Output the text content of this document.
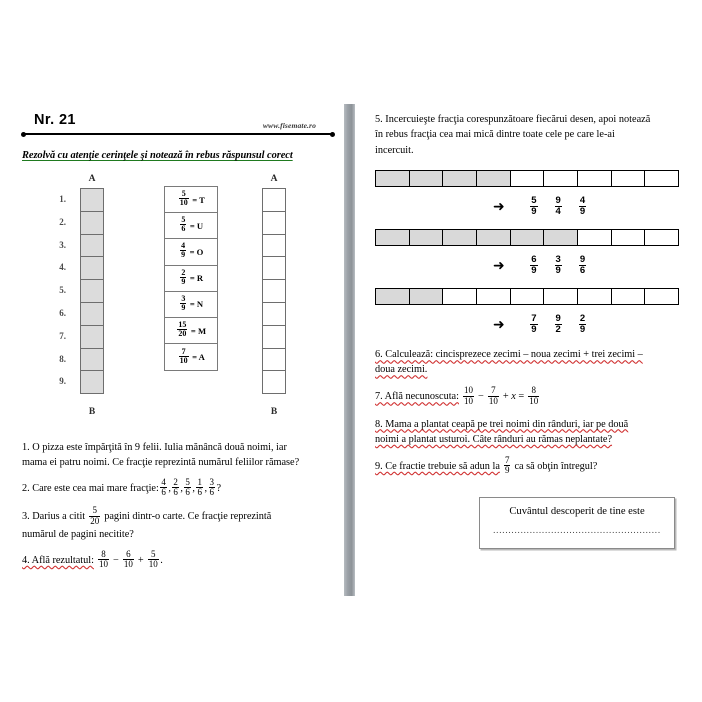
Nr. 21	www.fisemate.ro
Rezolvă cu atenţie cerinţele şi notează în rebus răspunsul corect
A
1.
2.
3.
4.
5.
6.
7.
8.
9.
B
$\frac{5}{10} = T$
$\frac{5}{6} = U$
$\frac{4}{9} = O$
$\frac{2}{9} = R$
$\frac{3}{9} = N$
$\frac{15}{20} = M$
$\frac{7}{10} = A$
A
B

1. O pizza este împărţită în 9 felii. Iulia mănâncă două noimi, iar
mama ei patru noimi. Ce fracţie reprezintă numărul feliilor rămase?

2. Care este cea mai mare fracţie: $\frac{4}{6}$ , $\frac{2}{6}$ , $\frac{5}{6}$ , $\frac{1}{6}$ , $\frac{3}{6}$ ?

3. Darius a citit $\frac{5}{20}$ pagini dintr-o carte. Ce fracţie reprezintă
numărul de pagini necitite?

4. Află rezultatul: $\frac{8}{10} - \frac{6}{10} + \frac{5}{10}$ .

5. Incercuieşte fracţia corespunzătoare fiecărui desen, apoi notează
în rebus fracţia cea mai mică dintre toate cele pe care le-ai
incercuit.

➜	$\frac{5}{9} \frac{9}{4} \frac{4}{9}$
➜	$\frac{6}{9} \frac{3}{9} \frac{9}{6}$
➜	$\frac{7}{9} \frac{9}{2} \frac{2}{9}$

6. Calculează: cincisprezece zecimi – noua zecimi + trei zecimi –
doua zecimi.

7. Află necunoscuta: $\frac{10}{10} - \frac{7}{10} + x = \frac{8}{10}$

8. Mama a plantat ceapă pe trei noimi din rânduri, iar pe două
noimi a plantat usturoi. Câte rânduri au rămas neplantate?

9. Ce fractie trebuie să adun la $\frac{7}{9}$ ca să obţin întregul?

Cuvântul descoperit de tine este
.......................................................
